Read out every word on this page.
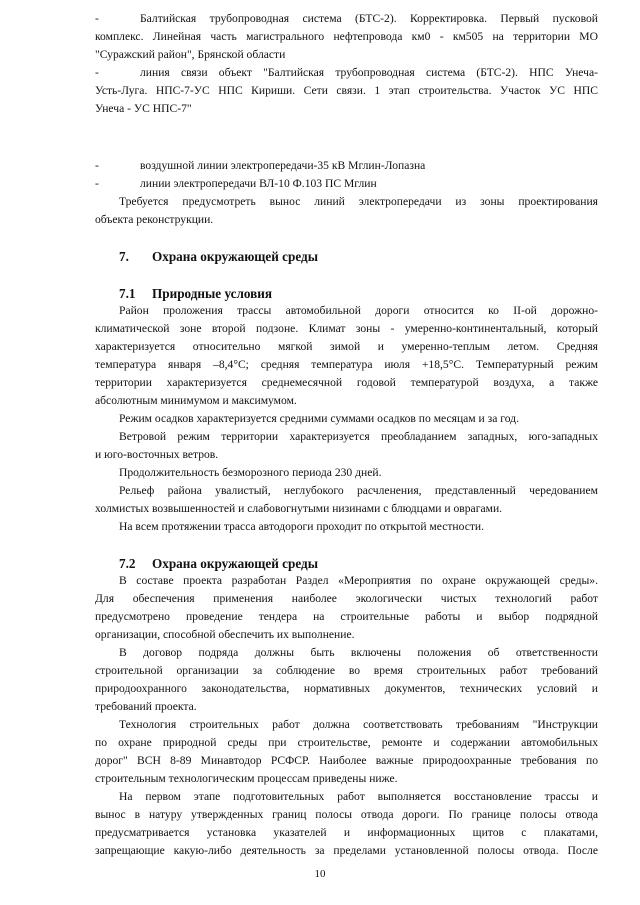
-	Балтийская трубопроводная система (БТС-2). Корректировка. Первый пусковой
комплекс. Линейная часть магистрального нефтепровода км0 - км505 на территории МО
"Суражский район", Брянской области
-	линия связи объект "Балтийская трубопроводная система (БТС-2). НПС Унеча-
Усть-Луга. НПС-7-УС НПС Кириши. Сети связи. 1 этап строительства. Участок УС НПС
Унеча - УС НПС-7"
-	воздушной линии электропередачи-35 кВ Мглин-Лопазна
-	линии электропередачи ВЛ-10 Ф.103 ПС Мглин
Требуется предусмотреть вынос линий электропередачи из зоны проектирования
объекта реконструкции.
7.	Охрана окружающей среды
7.1	Природные условия
Район проложения трассы автомобильной дороги относится ко II-ой дорожно-
климатической зоне второй подзоне. Климат зоны - умеренно-континентальный, который
характеризуется относительно мягкой зимой и умеренно-теплым летом. Средняя
температура января –8,4°С; средняя температура июля +18,5°С. Температурный режим
территории характеризуется среднемесячной годовой температурой воздуха, а также
абсолютным минимумом и максимумом.
Режим осадков характеризуется средними суммами осадков по месяцам и за год.
Ветровой режим территории характеризуется преобладанием западных, юго-западных
и юго-восточных ветров.
Продолжительность безморозного периода 230 дней.
Рельеф района увалистый, неглубокого расчленения, представленный чередованием
холмистых возвышенностей и слабовогнутыми низинами с блюдцами и оврагами.
На всем протяжении трасса автодороги проходит по открытой местности.
7.2	Охрана окружающей среды
В составе проекта разработан Раздел «Мероприятия по охране окружающей среды».
Для обеспечения применения наиболее экологически чистых технологий работ
предусмотрено проведение тендера на строительные работы и выбор подрядной
организации, способной обеспечить их выполнение.
В договор подряда должны быть включены положения об ответственности
строительной организации за соблюдение во время строительных работ требований
природоохранного законодательства, нормативных документов, технических условий и
требований проекта.
Технология строительных работ должна соответствовать требованиям "Инструкции
по охране природной среды при строительстве, ремонте и содержании автомобильных
дорог" ВСН 8-89 Минавтодор РСФСР. Наиболее важные природоохранные требования по
строительным технологическим процессам приведены ниже.
На первом этапе подготовительных работ выполняется восстановление трассы и
вынос в натуру утвержденных границ полосы отвода дороги. По границе полосы отвода
предусматривается установка указателей и информационных щитов с плакатами,
запрещающие какую-либо деятельность за пределами установленной полосы отвода. После
10
